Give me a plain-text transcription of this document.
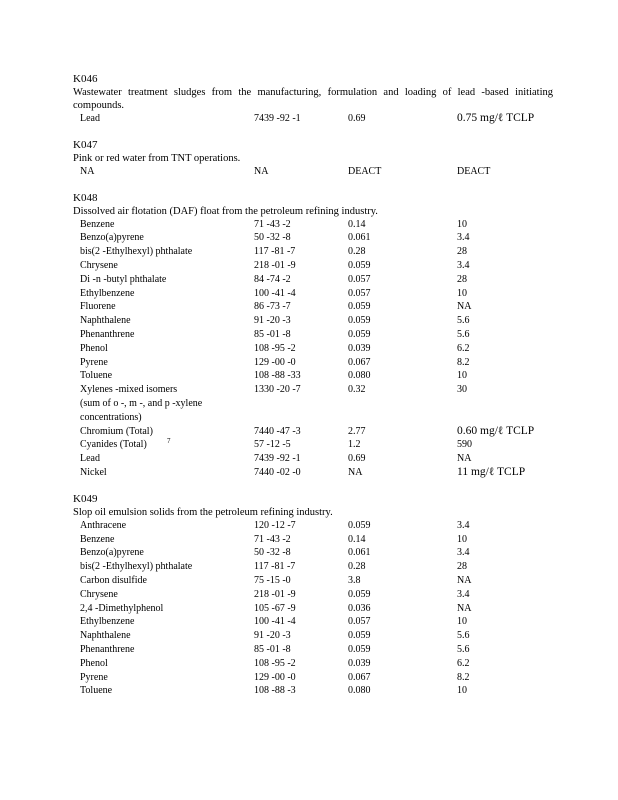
K046
Wastewater treatment sludges from the manufacturing, formulation and loading of lead -based initiating compounds.
Lead	7439 -92 -1	0.69	0.75 mg/ℓ TCLP
K047
Pink or red water from TNT operations.
NA	NA	DEACT	DEACT
K048
Dissolved air flotation (DAF) float from the petroleum refining industry.
Benzene	71 -43 -2	0.14	10
Benzo(a)pyrene	50 -32 -8	0.061	3.4
bis(2 -Ethylhexyl) phthalate	117 -81 -7	0.28	28
Chrysene	218 -01 -9	0.059	3.4
Di -n -butyl phthalate	84 -74 -2	0.057	28
Ethylbenzene	100 -41 -4	0.057	10
Fluorene	86 -73 -7	0.059	NA
Naphthalene	91 -20 -3	0.059	5.6
Phenanthrene	85 -01 -8	0.059	5.6
Phenol	108 -95 -2	0.039	6.2
Pyrene	129 -00 -0	0.067	8.2
Toluene	108 -88 -33	0.080	10
Xylenes -mixed isomers	1330 -20 -7	0.32	30
(sum of o -, m -, and p -xylene
concentrations)
Chromium (Total)	7440 -47 -3	2.77	0.60 mg/ℓ TCLP
Cyanides (Total)	57 -12 -5	1.2	590
$^7$
Lead	7439 -92 -1	0.69	NA
Nickel	7440 -02 -0	NA	11 mg/ℓ TCLP
K049
Slop oil emulsion solids from the petroleum refining industry.
Anthracene	120 -12 -7	0.059	3.4
Benzene	71 -43 -2	0.14	10
Benzo(a)pyrene	50 -32 -8	0.061	3.4
bis(2 -Ethylhexyl) phthalate	117 -81 -7	0.28	28
Carbon disulfide	75 -15 -0	3.8	NA
Chrysene	218 -01 -9	0.059	3.4
2,4 -Dimethylphenol	105 -67 -9	0.036	NA
Ethylbenzene	100 -41 -4	0.057	10
Naphthalene	91 -20 -3	0.059	5.6
Phenanthrene	85 -01 -8	0.059	5.6
Phenol	108 -95 -2	0.039	6.2
Pyrene	129 -00 -0	0.067	8.2
Toluene	108 -88 -3	0.080	10
